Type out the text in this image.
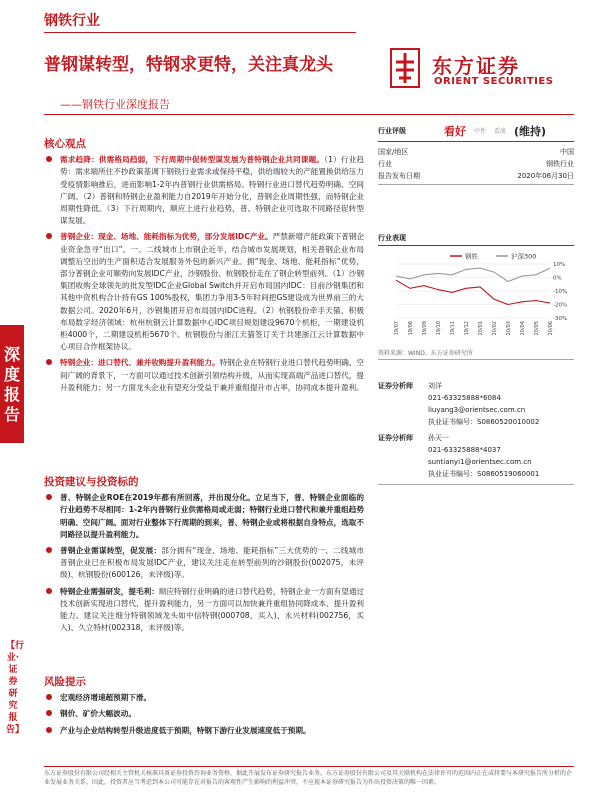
钢铁行业
普钢谋转型，特钢求更特，关注真龙头
——钢铁行业深度报告
东方证券
ORIENT SECURITIES
深度
报告
【行业·证券研究报告】
核心观点
需求趋降：供需格局趋弱，下行周期中促转型谋发展为普特钢企业共同课题。（1）行业趋势：需求端所住不抄政策基调下钢铁行业需求或保持平稳，供给端较大的产能置换供给压力受疫情影响推后，进而影响1-2年内普钢行业供需格局。特钢行业进口替代趋势明确、空间广阔。（2）普钢和特钢企业盈利能力自2019年开始分化，普钢企业周期性强，而特钢企业周期性降低。（3）下行周期内，顺应上进行业趋势，普、特钢企业可选取不同路径促转型谋发展。
普钢企业：现金、场地、能耗指标为优势，部分发展IDC产业。严禁新增产能政策下普钢企业资金急寻“出口”。一、二线城市上市钢企近半，结合城市发展规划，相关普钢企业布局调整后空出的生产面积适合发展服务外包的新兴产业。拥“现金、场地、能耗指标”优势，部分普钢企业可顺势向发展IDC产业，沙钢股份、杭钢股份走在了钢企转型前列。（1）沙钢集团收购全球领先的批发型IDC企业Global Switch并开启布局国内IDC：目前沙钢集团和其他中资机构合计持有GS 100%股权，集团力争用3-5年时间把GS建设成为世界前三的大数据公司。2020年6月，沙钢集团开启布局国内IDC进程。（2）杭钢股份牵手天猫，积极布局数字经济领域：杭州杭钢云计算数据中心IDC项目规划建设9670个机柜，一期建设机柜4000个，二期建设机柜5670个。杭钢股份与浙江天猫签订关于共建浙江云计算数据中心项目合作框架协议。
特钢企业：进口替代、兼并收购提升盈利能力。特钢企业在特钢行业进口替代趋势明确、空间广阔的背景下，一方面可以通过技术创新引领结构升级，从而实现高端产品进口替代，提升盈利能力；另一方面龙头企业有望充分受益于兼并重组提升市占率，协同成本提升盈利。
投资建议与投资标的
普、特钢企业ROE在2019年都有所回落，并出现分化。立足当下，普、特钢企业面临的行业趋势不尽相同：1-2年内普钢行业供需格局或走弱；特钢行业进口替代和兼并重组趋势明确、空间广阔。面对行业整体下行周期的到来，普、特钢企业或将根据自身特点，选取不同路径以提升盈利能力。
普钢企业需谋转型，促发展：部分拥有“现金、场地、能耗指标”三大优势的一、二线城市普钢企业已在积极布局发展IDC产业，建议关注走在转型前列的沙钢股份(002075，未评级)、杭钢股份(600126，未评级)等。
特钢企业需强研发，提毛利：顺应特钢行业明确的进口替代趋势，特钢企业一方面有望通过技术创新实现进口替代、提升盈利能力，另一方面可以加快兼并重组协同降成本、提升盈利能力。建议关注细分特钢领域龙头如中信特钢(000708，买入)、永兴材料(002756，买入)、久立特材(002318，未评级)等。
风险提示
宏观经济增速超预期下滑。
钢价、矿价大幅波动。
产业与企业结构转型升级进度低于预期，特钢下游行业发展速度低于预期。
行业评级	看好 中性 看淡 (维持)
国家/地区	中国
行业	钢铁行业
报告发布日期	2020年06月30日
行业表现
钢铁	沪深300
19/07 19/08 19/09 19/10 19/11 19/12 20/01 20/02 20/03 20/04 20/05 20/06
10%
0%
-10%
-20%
-30%
资料来源：WIND、东方证券研究所
证券分析师	刘洋
021-63325888*6084
liuyang3@orientsec.com.cn
执业证书编号：S0860520010002
证券分析师	孙天一
021-63325888*4037
suntianyi1@orientsec.com.cn
执业证书编号：S0860519060001
东方证券股份有限公司经相关主管机关核准具备证券投资咨询业务资格，据此开展发布证券研究报告业务。东方证券股份有限公司及其关联机构在法律许可的范围内正在或将要与本研究报告所分析的企业发展业务关系。因此，投资者应当考虑到本公司可能存在对报告的客观性产生影响的利益冲突，不应视本证券研究报告为作出投资决策的唯一因素。
